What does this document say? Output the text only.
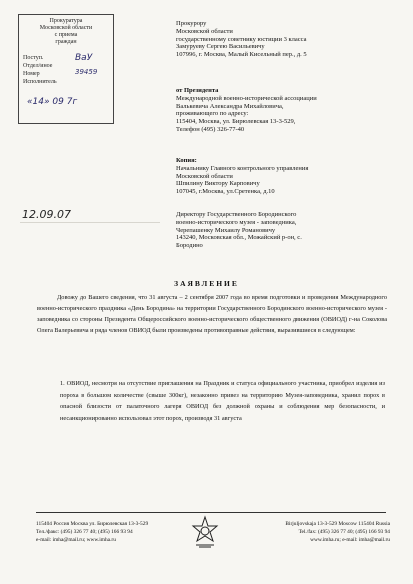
Прокуратура
Московской области
с приема
граждан
Поступ.
Отдел/иное
Номер
Исполнитель
ВаУ
39459
«14» 09 7г
Прокурору
Московской области
государственному советнику юстиции 3 класса
Замуруеву Сергею Васильевичу
107996, г. Москва, Малый Кисельный пер., д. 5
от Президента
Международной военно-исторической ассоциации
Валькевича Александра Михайловича,
проживающего по адресу:
115404, Москва, ул. Бирюлевская 13-3-529,
Телефон (495) 326-77-40
Копия:
Начальнику Главного контрольного управления
Московской области
Шпилину Виктору Карповичу
107045, г.Москва, ул.Сретенка, д.10
Директору Государственного Бородинского
военно-исторического музея - заповедника,
Черепашенку Михаилу Романовичу
143240, Московская обл., Можайский р-он, с.
Бородино
12.09.07
ЗАЯВЛЕНИЕ
Довожу до Вашего сведения, что 31 августа – 2 сентября 2007 года во время подготовки и проведения Международного военно-исторического праздника «День Бородина» на территории Государственного Бородинского военно-исторического музея - заповедника со стороны Президента Общероссийского военно-исторического общественного движения (ОВИОД) г-на Соколова Олега Валерьевича и ряда членов ОВИОД были произведены противоправные действия, выразившиеся в следующем:
1. ОВИОД, несмотря на отсутствие приглашения на Праздник и статуса официального участника, приобрел изделия из пороха в большом количестве (свыше 300кг), незаконно привез на территорию Музея-заповедника, хранил порох в опасной близости от палаточного лагеря ОВИОД без должной охраны и соблюдения мер безопасности, и несанкционированно использовал этот порох, производя 31 августа
115404 Россия Москва ул. Бирюлевская 13-3-529
Тел./факс: (495) 326 77 40; (495) 166 93 94
e-mail: imha@mail.ru; www.imha.ru
Birjuljovskaja 13-3-529 Moscow 115404 Russia
Tel./fax: (495) 326 77 40; (495) 166 93 94
www.imha.ru; e-mail: imha@mail.ru
